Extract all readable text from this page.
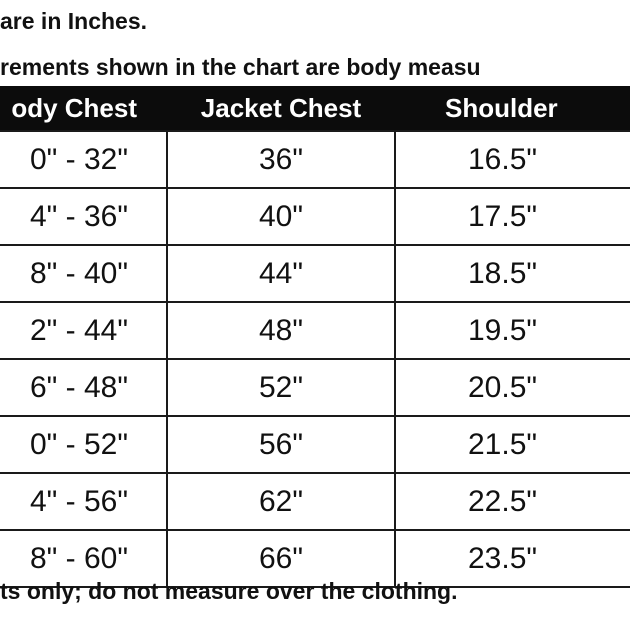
are in Inches.
rements shown in the chart are body measu
ody Chest	Jacket Chest	Shoulder
0" - 32"	36"	16.5"
4" - 36"	40"	17.5"
8" - 40"	44"	18.5"
2" - 44"	48"	19.5"
6" - 48"	52"	20.5"
0" - 52"	56"	21.5"
4" - 56"	62"	22.5"
8" - 60"	66"	23.5"
ts only; do not measure over the clothing.
